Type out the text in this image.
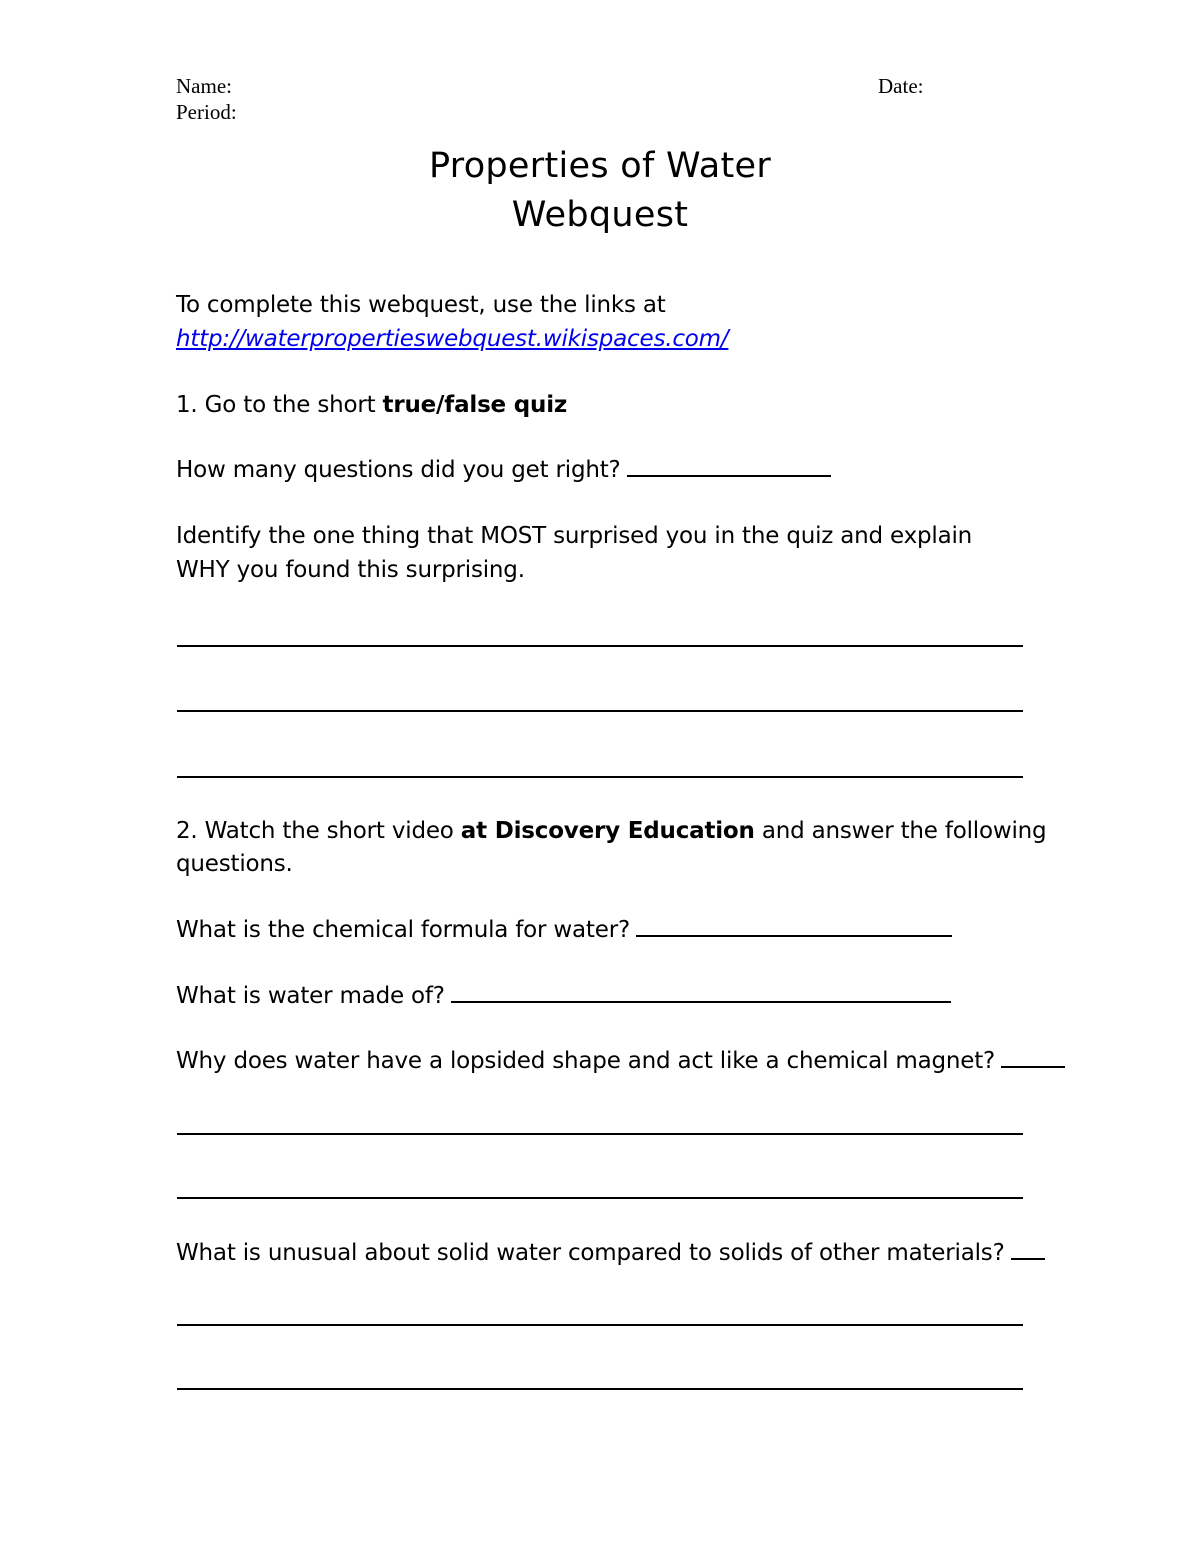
Name:	Date:
Period:
Properties of Water
Webquest
To complete this webquest, use the links at
http://waterpropertieswebquest.wikispaces.com/
1. Go to the short true/false quiz
How many questions did you get right?
Identify the one thing that MOST surprised you in the quiz and explain
WHY you found this surprising.
2. Watch the short video at Discovery Education and answer the following
questions.
What is the chemical formula for water?
What is water made of?
Why does water have a lopsided shape and act like a chemical magnet?
What is unusual about solid water compared to solids of other materials?
